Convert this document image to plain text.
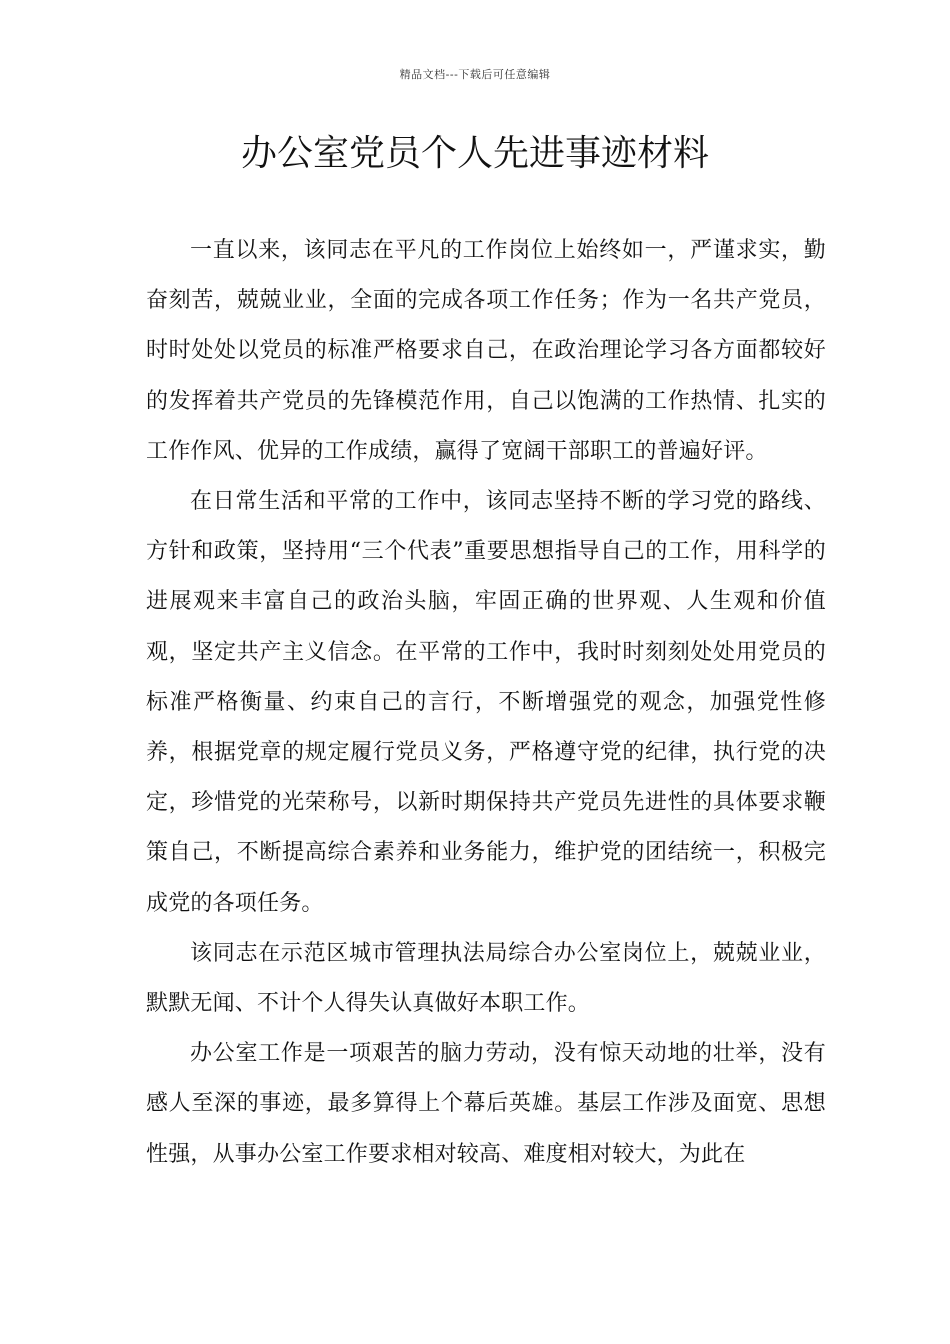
精品文档---下载后可任意编辑
办公室党员个人先进事迹材料

一直以来，该同志在平凡的工作岗位上始终如一，严谨求实，勤奋刻苦，兢兢业业，全面的完成各项工作任务；作为一名共产党员，时时处处以党员的标准严格要求自己，在政治理论学习各方面都较好的发挥着共产党员的先锋模范作用，自己以饱满的工作热情、扎实的工作作风、优异的工作成绩，赢得了宽阔干部职工的普遍好评。

在日常生活和平常的工作中，该同志坚持不断的学习党的路线、方针和政策，坚持用“三个代表”重要思想指导自己的工作，用科学的进展观来丰富自己的政治头脑，牢固正确的世界观、人生观和价值观，坚定共产主义信念。在平常的工作中，我时时刻刻处处用党员的标准严格衡量、约束自己的言行，不断增强党的观念，加强党性修养，根据党章的规定履行党员义务，严格遵守党的纪律，执行党的决定，珍惜党的光荣称号，以新时期保持共产党员先进性的具体要求鞭策自己，不断提高综合素养和业务能力，维护党的团结统一，积极完成党的各项任务。

该同志在示范区城市管理执法局综合办公室岗位上，兢兢业业，默默无闻、不计个人得失认真做好本职工作。

办公室工作是一项艰苦的脑力劳动，没有惊天动地的壮举，没有感人至深的事迹，最多算得上个幕后英雄。基层工作涉及面宽、思想性强，从事办公室工作要求相对较高、难度相对较大，为此在
